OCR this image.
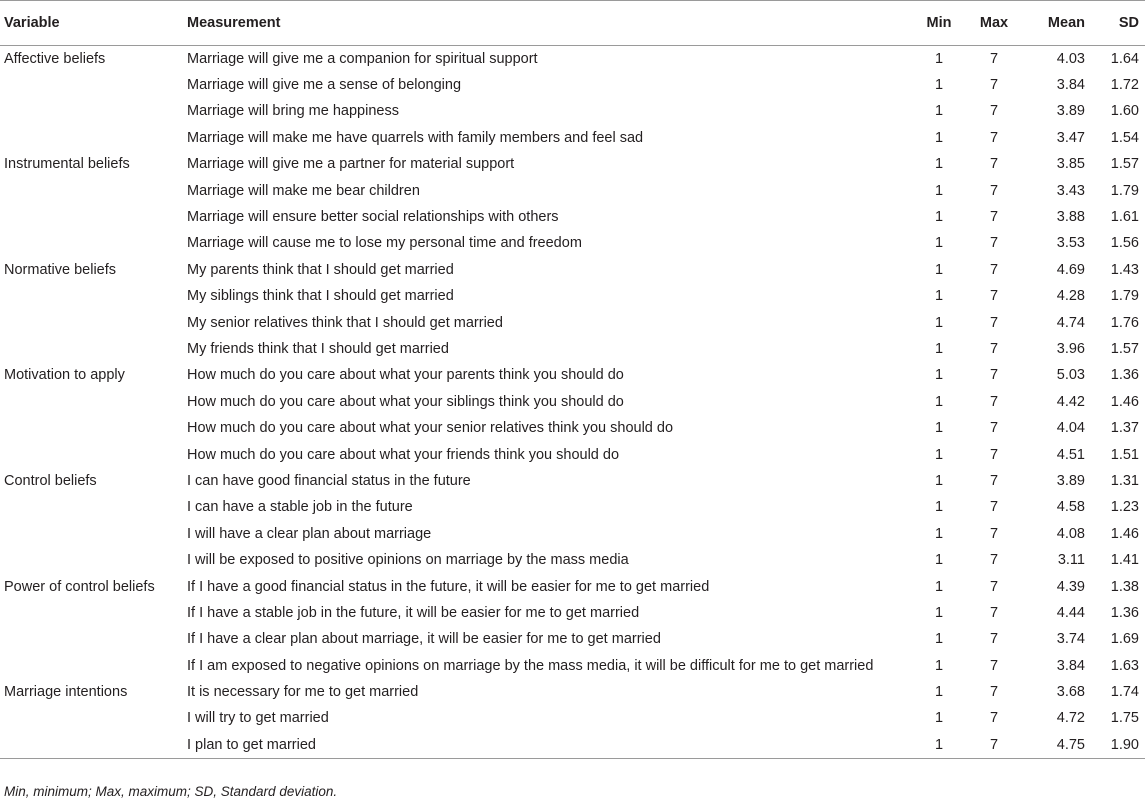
Variable	Measurement	Min	Max	Mean	SD
Affective beliefs	Marriage will give me a companion for spiritual support	1	7	4.03	1.64
	Marriage will give me a sense of belonging	1	7	3.84	1.72
	Marriage will bring me happiness	1	7	3.89	1.60
	Marriage will make me have quarrels with family members and feel sad	1	7	3.47	1.54
Instrumental beliefs	Marriage will give me a partner for material support	1	7	3.85	1.57
	Marriage will make me bear children	1	7	3.43	1.79
	Marriage will ensure better social relationships with others	1	7	3.88	1.61
	Marriage will cause me to lose my personal time and freedom	1	7	3.53	1.56
Normative beliefs	My parents think that I should get married	1	7	4.69	1.43
	My siblings think that I should get married	1	7	4.28	1.79
	My senior relatives think that I should get married	1	7	4.74	1.76
	My friends think that I should get married	1	7	3.96	1.57
Motivation to apply	How much do you care about what your parents think you should do	1	7	5.03	1.36
	How much do you care about what your siblings think you should do	1	7	4.42	1.46
	How much do you care about what your senior relatives think you should do	1	7	4.04	1.37
	How much do you care about what your friends think you should do	1	7	4.51	1.51
Control beliefs	I can have good financial status in the future	1	7	3.89	1.31
	I can have a stable job in the future	1	7	4.58	1.23
	I will have a clear plan about marriage	1	7	4.08	1.46
	I will be exposed to positive opinions on marriage by the mass media	1	7	3.11	1.41
Power of control beliefs	If I have a good financial status in the future, it will be easier for me to get married	1	7	4.39	1.38
	If I have a stable job in the future, it will be easier for me to get married	1	7	4.44	1.36
	If I have a clear plan about marriage, it will be easier for me to get married	1	7	3.74	1.69
	If I am exposed to negative opinions on marriage by the mass media, it will be difficult for me to get married	1	7	3.84	1.63
Marriage intentions	It is necessary for me to get married	1	7	3.68	1.74
	I will try to get married	1	7	4.72	1.75
	I plan to get married	1	7	4.75	1.90
Min, minimum; Max, maximum; SD, Standard deviation.
